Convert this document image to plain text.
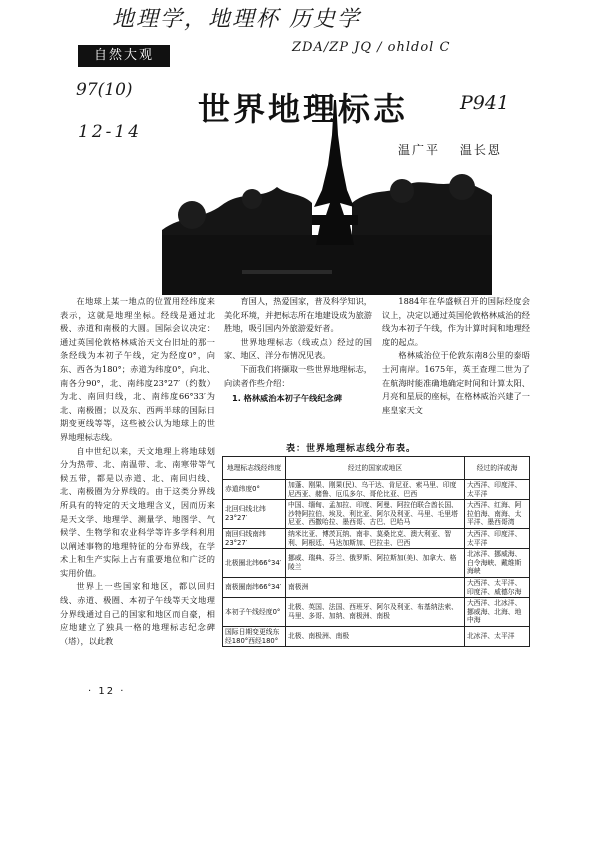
地理学，地理杯 历史学
ZDA/ZP JQ / ohldol C
97(10)
12-14
P941
自然大观
世界地理标志
温广平 温长恩

在地球上某一地点的位置用经纬度来表示，这就是地理坐标。经线是通过北极、赤道和南极的大圆。国际会议决定：通过英国伦敦格林威治天文台旧址的那一条经线为本初子午线，定为经度0°，向东、西各为180°；赤道为纬度0°，向北、南各分90°，北、南纬度23°27′（约数）为北、南回归线，北、南纬度66°33′为北、南极圈；以及东、西两半球的国际日期变更线等等，这些被公认为地球上的世界地理标志线。

自中世纪以来，天文地理上将地球划分为热带、北、南温带、北、南寒带等气候五带，都是以赤道、北、南回归线、北、南极圈为分界线的。由于这类分界线所具有的特定的天文地理含义，因而历来是天文学、地理学、测量学、地图学、气候学、生物学和农业科学等许多学科利用以阐述事物的地理特征的分布界线，在学术上和生产实际上占有重要地位和广泛的实用价值。

世界上一些国家和地区，都以回归线、赤道、极圈、本初子午线等天文地理分界线通过自己的国家和地区而自豪，相应地建立了独具一格的地理标志纪念碑（塔），以此教

育国人，热爱国家，普及科学知识，美化环境，并把标志所在地建设成为旅游胜地，吸引国内外旅游爱好者。

世界地理标志（线或点）经过的国家、地区、洋分布情况见表。

下面我们将撷取一些世界地理标志，向读者作些介绍：

1. 格林威治本初子午线纪念碑

1884年在华盛顿召开的国际经度会议上，决定以通过英国伦敦格林威治的经线为本初子午线，作为计算时间和地理经度的起点。

格林威治位于伦敦东南8公里的泰晤士河南岸。1675年，英王查理二世为了在航海时能准确地确定时间和计算太阳、月亮和星辰的座标，在格林威治兴建了一座皇家天文

表：世界地理标志线分布表。
地理标志线经纬度	经过的国家或地区	经过的洋或海
赤道纬度0°	加蓬、刚果、刚果(民)、乌干达、肯尼亚、索马里、印度尼西亚、赭鲁、厄瓜多尔、哥伦比亚、巴西	大西洋、印度洋、太平洋
北回归线北纬23°27′	中国、缅甸、孟加拉、印度、阿曼、阿拉伯联合酋长国、沙特阿拉伯、埃及、利比亚、阿尔及利亚、马里、毛里塔尼亚、西撒哈拉、墨西哥、古巴、巴哈马	大西洋、红海、阿拉伯海、南海、太平洋、墨西哥湾
南回归线南纬23°27′	纳米比亚、博茨瓦纳、南非、莫桑比克、澳大利亚、智利、阿根廷、马达加斯加、巴拉圭、巴西	大西洋、印度洋、太平洋
北极圈北纬66°34′	挪威、瑞典、芬兰、俄罗斯、阿拉斯加(美)、加拿大、格陵兰	北冰洋、挪威海、白令海峡、戴维斯海峡
南极圈南纬66°34′	南极洲	大西洋、太平洋、印度洋、威德尔海
本初子午线经度0°	北极、英国、法国、西班牙、阿尔及利亚、布基纳法索、马里、多哥、加纳、南极洲、南极	大西洋、北冰洋、挪威海、北海、地中海
国际日期变更线东经180°西经180°	北极、南极洲、南极	北冰洋、太平洋
· 12 ·
